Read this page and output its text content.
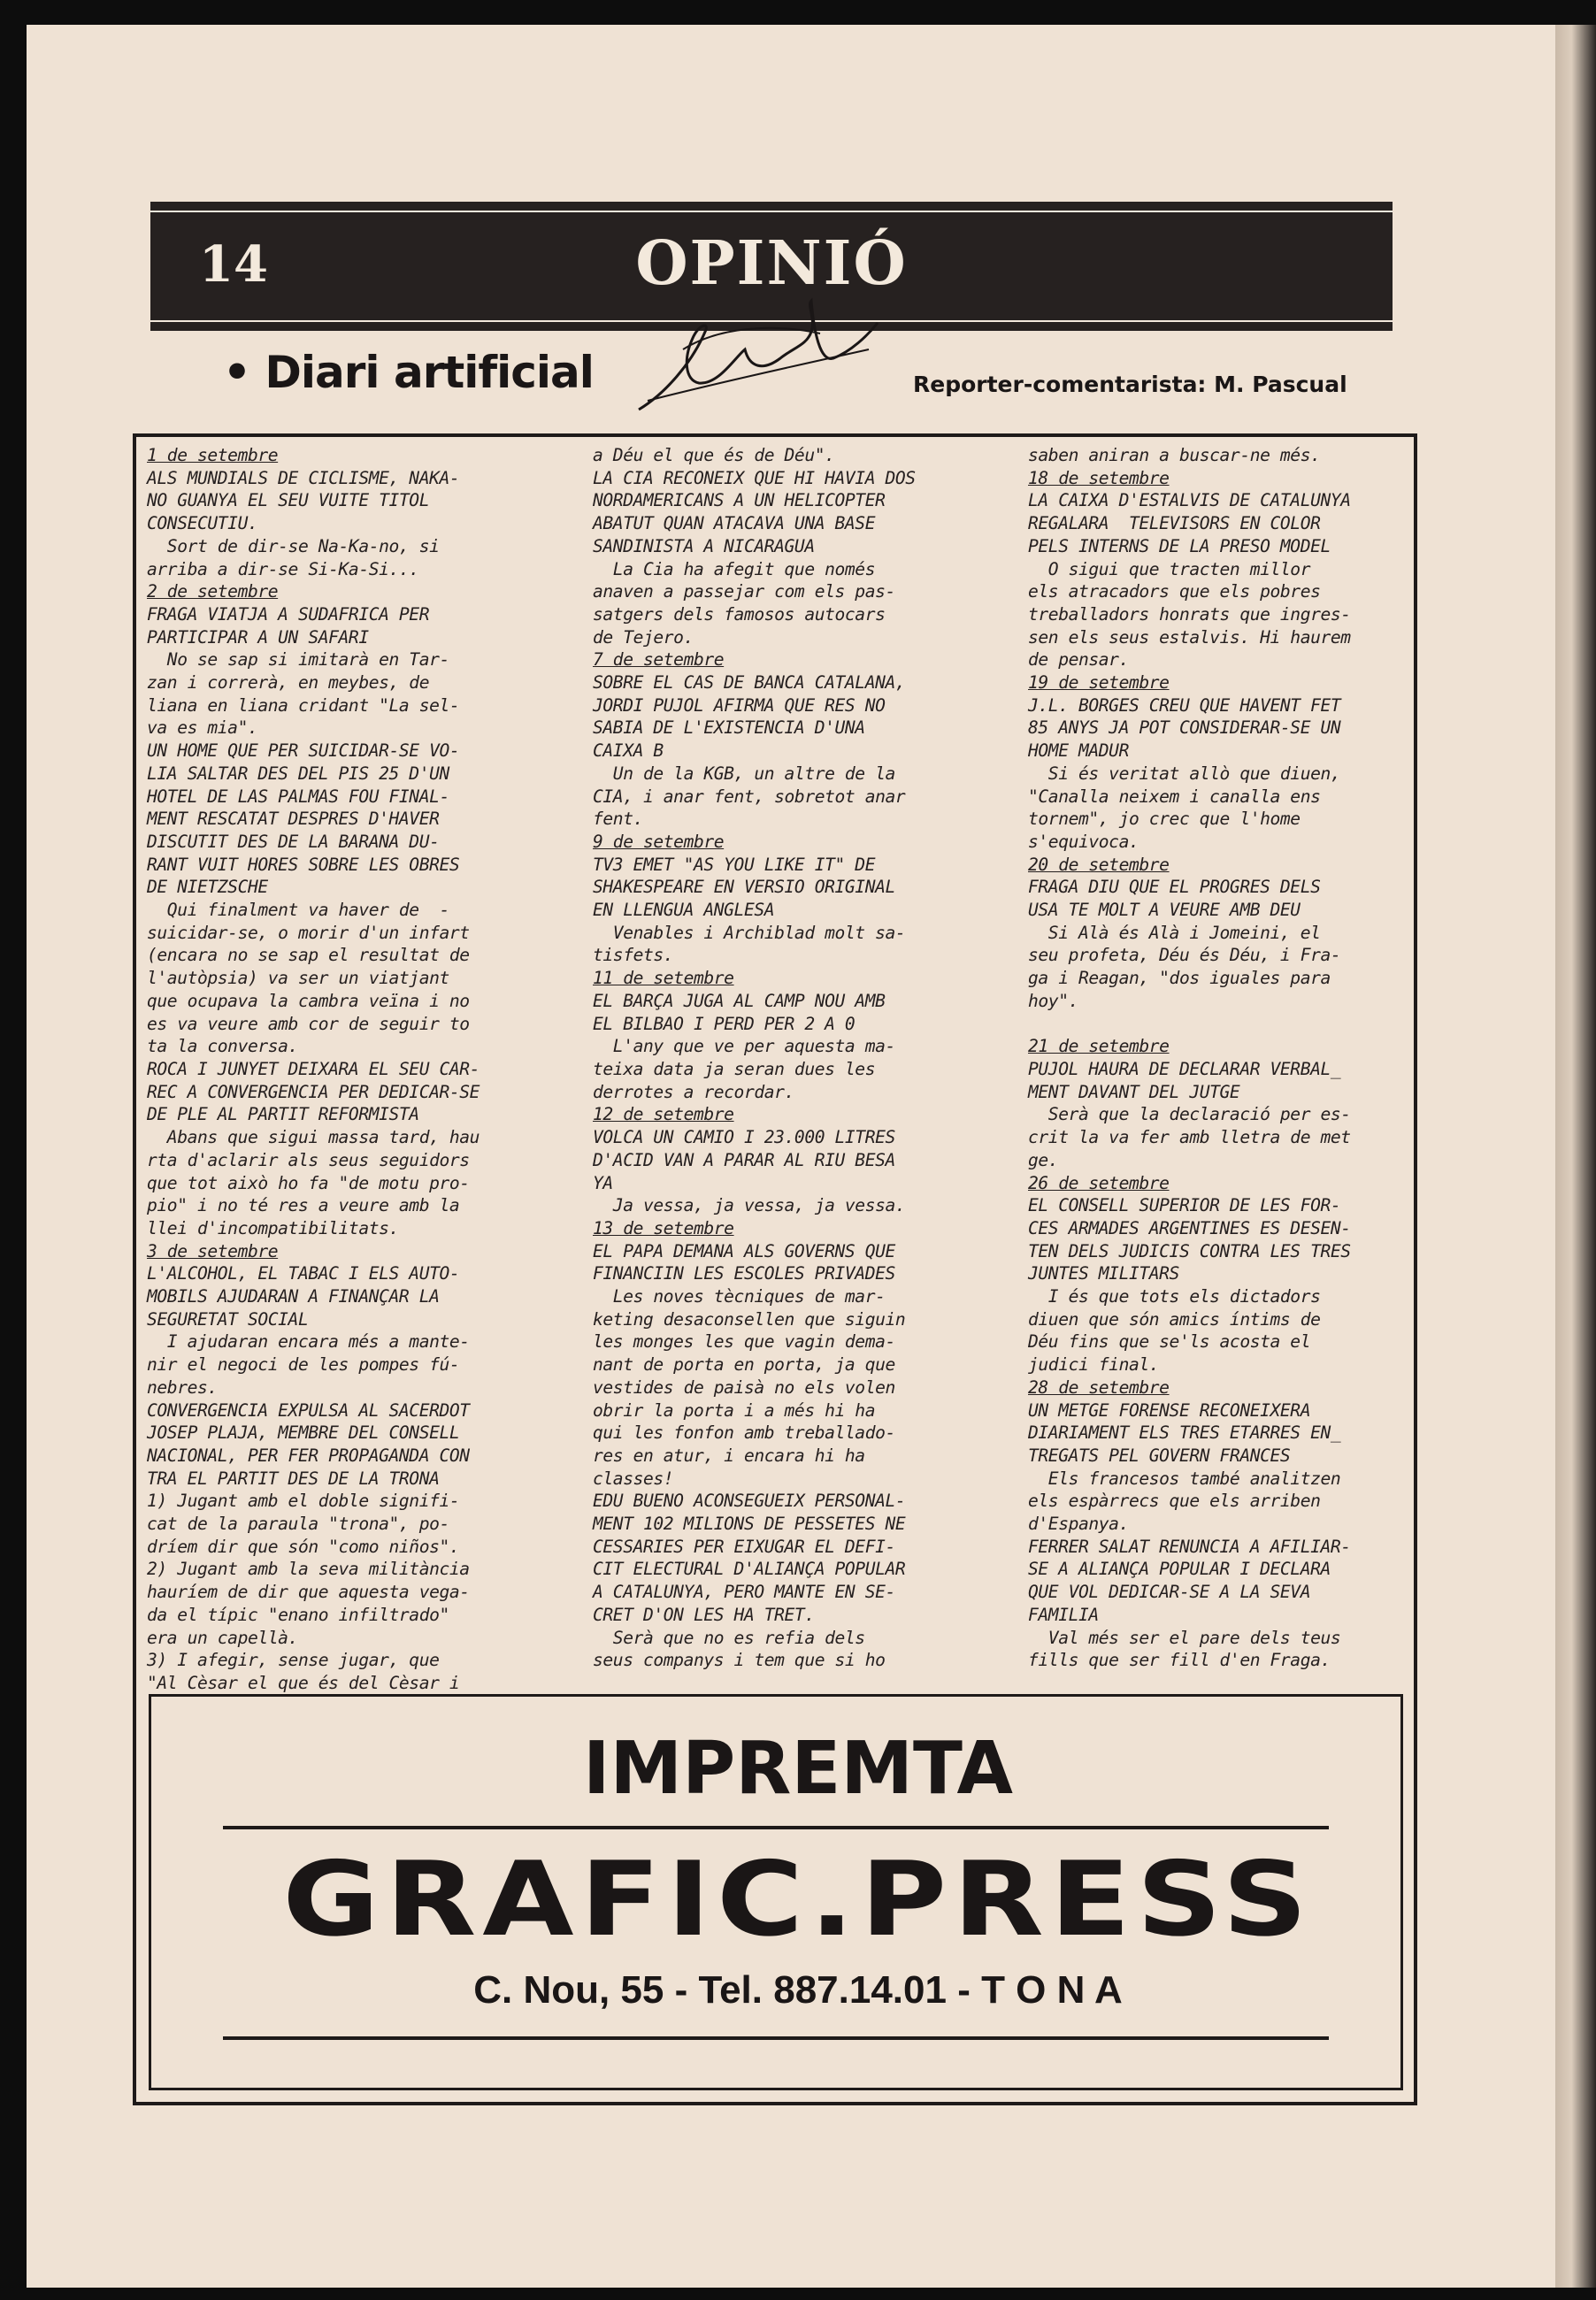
14	OPINIÓ
• Diari artificial	Reporter-comentarista: M. Pascual

1 de setembre

ALS MUNDIALS DE CICLISME, NAKA-

NO GUANYA EL SEU VUITE TITOL

CONSECUTIU.

Sort de dir-se Na-Ka-no, si

arriba a dir-se Si-Ka-Si...

2 de setembre

FRAGA VIATJA A SUDAFRICA PER

PARTICIPAR A UN SAFARI

No se sap si imitarà en Tar-

zan i correrà, en meybes, de

liana en liana cridant "La sel-

va es mia".

UN HOME QUE PER SUICIDAR-SE VO-

LIA SALTAR DES DEL PIS 25 D'UN

HOTEL DE LAS PALMAS FOU FINAL-

MENT RESCATAT DESPRES D'HAVER

DISCUTIT DES DE LA BARANA DU-

RANT VUIT HORES SOBRE LES OBRES

DE NIETZSCHE

Qui finalment va haver de  -

suicidar-se, o morir d'un infart

(encara no se sap el resultat de

l'autòpsia) va ser un viatjant

que ocupava la cambra veïna i no

es va veure amb cor de seguir to

ta la conversa.

ROCA I JUNYET DEIXARA EL SEU CAR-

REC A CONVERGENCIA PER DEDICAR-SE

DE PLE AL PARTIT REFORMISTA

Abans que sigui massa tard, hau

rta d'aclarir als seus seguidors

que tot això ho fa "de motu pro-

pio" i no té res a veure amb la

llei d'incompatibilitats.

3 de setembre

L'ALCOHOL, EL TABAC I ELS AUTO-

MOBILS AJUDARAN A FINANÇAR LA

SEGURETAT SOCIAL

I ajudaran encara més a mante-

nir el negoci de les pompes fú-

nebres.

CONVERGENCIA EXPULSA AL SACERDOT

JOSEP PLAJA, MEMBRE DEL CONSELL

NACIONAL, PER FER PROPAGANDA CON

TRA EL PARTIT DES DE LA TRONA

1) Jugant amb el doble signifi-

cat de la paraula "trona", po-

dríem dir que són "como niños".

2) Jugant amb la seva militància

hauríem de dir que aquesta vega-

da el típic "enano infiltrado"

era un capellà.

3) I afegir, sense jugar, que

"Al Cèsar el que és del Cèsar i

a Déu el que és de Déu".

LA CIA RECONEIX QUE HI HAVIA DOS

NORDAMERICANS A UN HELICOPTER

ABATUT QUAN ATACAVA UNA BASE

SANDINISTA A NICARAGUA

La Cia ha afegit que només

anaven a passejar com els pas-

satgers dels famosos autocars

de Tejero.

7 de setembre

SOBRE EL CAS DE BANCA CATALANA,

JORDI PUJOL AFIRMA QUE RES NO

SABIA DE L'EXISTENCIA D'UNA

CAIXA B

Un de la KGB, un altre de la

CIA, i anar fent, sobretot anar

fent.

9 de setembre

TV3 EMET "AS YOU LIKE IT" DE

SHAKESPEARE EN VERSIO ORIGINAL

EN LLENGUA ANGLESA

Venables i Archiblad molt sa-

tisfets.

11 de setembre

EL BARÇA JUGA AL CAMP NOU AMB

EL BILBAO I PERD PER 2 A 0

L'any que ve per aquesta ma-

teixa data ja seran dues les

derrotes a recordar.

12 de setembre

VOLCA UN CAMIO I 23.000 LITRES

D'ACID VAN A PARAR AL RIU BESA

YA

Ja vessa, ja vessa, ja vessa.

13 de setembre

EL PAPA DEMANA ALS GOVERNS QUE

FINANCIIN LES ESCOLES PRIVADES

Les noves tècniques de mar-

keting desaconsellen que siguin

les monges les que vagin dema-

nant de porta en porta, ja que

vestides de paisà no els volen

obrir la porta i a més hi ha

qui les fonfon amb treballado-

res en atur, i encara hi ha

classes!

EDU BUENO ACONSEGUEIX PERSONAL-

MENT 102 MILIONS DE PESSETES NE

CESSARIES PER EIXUGAR EL DEFI-

CIT ELECTURAL D'ALIANÇA POPULAR

A CATALUNYA, PERO MANTE EN SE-

CRET D'ON LES HA TRET.

Serà que no es refia dels

seus companys i tem que si ho

saben aniran a buscar-ne més.

18 de setembre

LA CAIXA D'ESTALVIS DE CATALUNYA

REGALARA  TELEVISORS EN COLOR

PELS INTERNS DE LA PRESO MODEL

O sigui que tracten millor

els atracadors que els pobres

treballadors honrats que ingres-

sen els seus estalvis. Hi haurem

de pensar.

19 de setembre

J.L. BORGES CREU QUE HAVENT FET

85 ANYS JA POT CONSIDERAR-SE UN

HOME MADUR

Si és veritat allò que diuen,

"Canalla neixem i canalla ens

tornem", jo crec que l'home

s'equivoca.

20 de setembre

FRAGA DIU QUE EL PROGRES DELS

USA TE MOLT A VEURE AMB DEU

Si Alà és Alà i Jomeini, el

seu profeta, Déu és Déu, i Fra-

ga i Reagan, "dos iguales para

hoy".

21 de setembre

PUJOL HAURA DE DECLARAR VERBAL_

MENT DAVANT DEL JUTGE

Serà que la declaració per es-

crit la va fer amb lletra de met

ge.

26 de setembre

EL CONSELL SUPERIOR DE LES FOR-

CES ARMADES ARGENTINES ES DESEN-

TEN DELS JUDICIS CONTRA LES TRES

JUNTES MILITARS

I és que tots els dictadors

diuen que són amics íntims de

Déu fins que se'ls acosta el

judici final.

28 de setembre

UN METGE FORENSE RECONEIXERA

DIARIAMENT ELS TRES ETARRES EN_

TREGATS PEL GOVERN FRANCES

Els francesos també analitzen

els espàrrecs que els arriben

d'Espanya.

FERRER SALAT RENUNCIA A AFILIAR-

SE A ALIANÇA POPULAR I DECLARA

QUE VOL DEDICAR-SE A LA SEVA

FAMILIA

Val més ser el pare dels teus

fills que ser fill d'en Fraga.

IMPREMTA
GRAFIC.PRESS
C. Nou, 55 - Tel. 887.14.01 - T O N A
